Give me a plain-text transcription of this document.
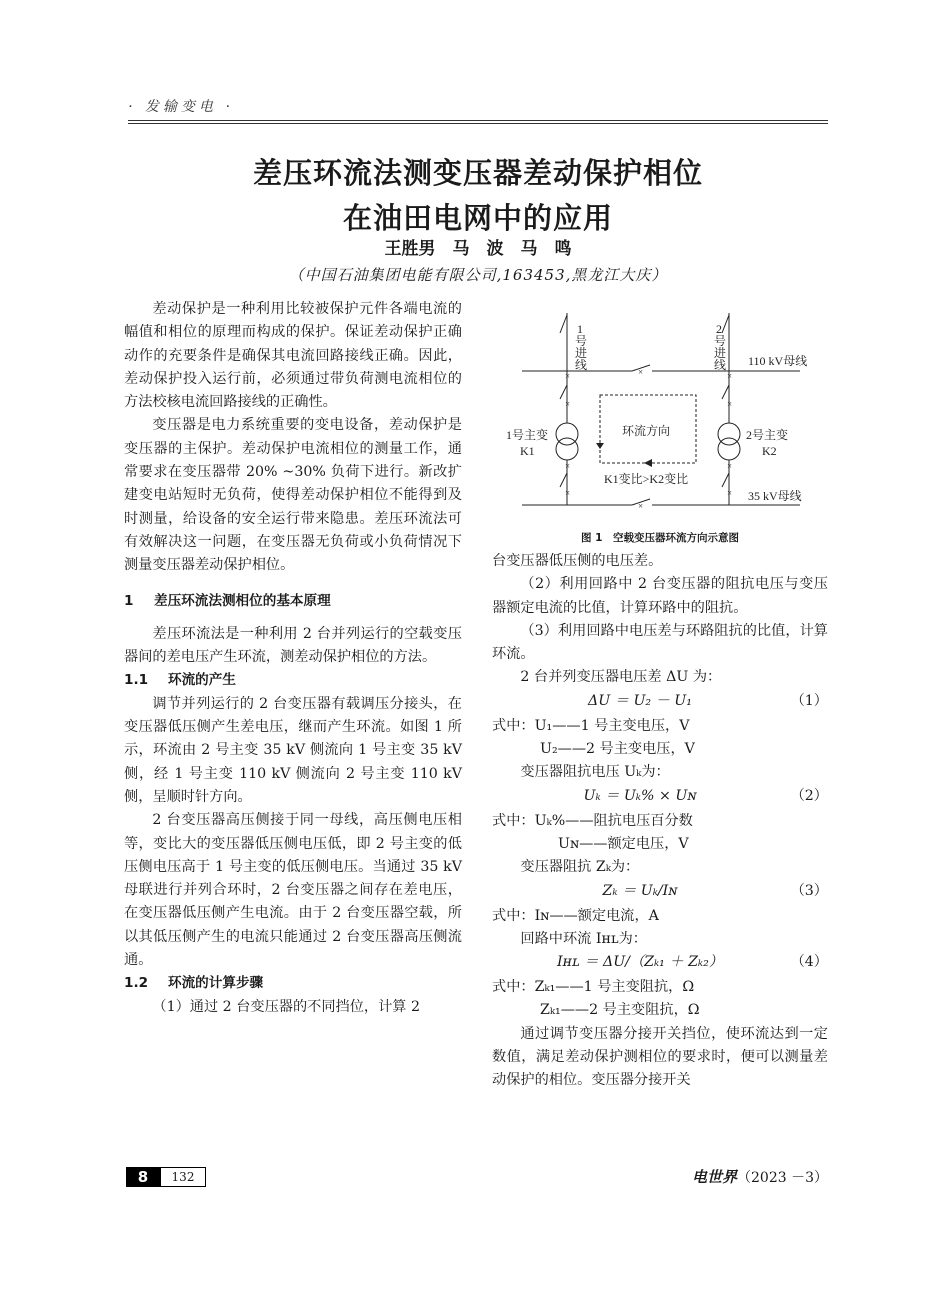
· 发输变电 ·
差压环流法测变压器差动保护相位
在油田电网中的应用
王胜男　马　波　马　鸣
（中国石油集团电能有限公司,163453,黑龙江大庆）

差动保护是一种利用比较被保护元件各端电流的幅值和相位的原理而构成的保护。保证差动保护正确动作的充要条件是确保其电流回路接线正确。因此，差动保护投入运行前，必须通过带负荷测电流相位的方法校核电流回路接线的正确性。

变压器是电力系统重要的变电设备，差动保护是变压器的主保护。差动保护电流相位的测量工作，通常要求在变压器带 20% ~30% 负荷下进行。新改扩建变电站短时无负荷，使得差动保护相位不能得到及时测量，给设备的安全运行带来隐患。差压环流法可有效解决这一问题，在变压器无负荷或小负荷情况下测量变压器差动保护相位。

1 差压环流法测相位的基本原理

差压环流法是一种利用 2 台并列运行的空载变压器间的差电压产生环流，测差动保护相位的方法。

1.1 环流的产生

调节并列运行的 2 台变压器有载调压分接头，在变压器低压侧产生差电压，继而产生环流。如图 1 所示，环流由 2 号主变 35 kV 侧流向 1 号主变 35 kV 侧，经 1 号主变 110 kV 侧流向 2 号主变 110 kV 侧，呈顺时针方向。

2 台变压器高压侧接于同一母线，高压侧电压相等，变比大的变压器低压侧电压低，即 2 号主变的低压侧电压高于 1 号主变的低压侧电压。当通过 35 kV 母联进行并列合环时，2 台变压器之间存在差电压，在变压器低压侧产生电流。由于 2 台变压器空载，所以其低压侧产生的电流只能通过 2 台变压器高压侧流通。

1.2 环流的计算步骤

（1）通过 2 台变压器的不同挡位，计算 2

×	×
×
×	×
×	×
×	×
×
1 号进线
2 号进线 110 kV母线
35 kV母线
1号主变
K1
2号主变
K2
环流方向
K1变比>K2变比
图 1　空载变压器环流方向示意图

台变压器低压侧的电压差。

（2）利用回路中 2 台变压器的阻抗电压与变压器额定电流的比值，计算环路中的阻抗。

（3）利用回路中电压差与环路阻抗的比值，计算环流。

2 台并列变压器电压差 ΔU 为：

ΔU ＝ U₂ － U₁	（1）
式中：U₁——1 号主变电压，V
U₂——2 号主变电压，V

变压器阻抗电压 Uₖ为：

Uₖ ＝ Uₖ% × Uɴ	（2）
式中：Uₖ%——阻抗电压百分数
Uɴ——额定电压，V

变压器阻抗 Zₖ为：

Zₖ ＝ Uₖ/Iɴ	（3）
式中：Iɴ——额定电流，A

回路中环流 Iʜʟ为：

Iʜʟ ＝ ΔU/（Zₖ₁ ＋ Zₖ₂）	（4）
式中：Zₖ₁——1 号主变阻抗，Ω
Zₖ₁——2 号主变阻抗，Ω

通过调节变压器分接开关挡位，使环流达到一定数值，满足差动保护测相位的要求时，便可以测量差动保护的相位。变压器分接开关

8	132	电世界（2023 －3）
